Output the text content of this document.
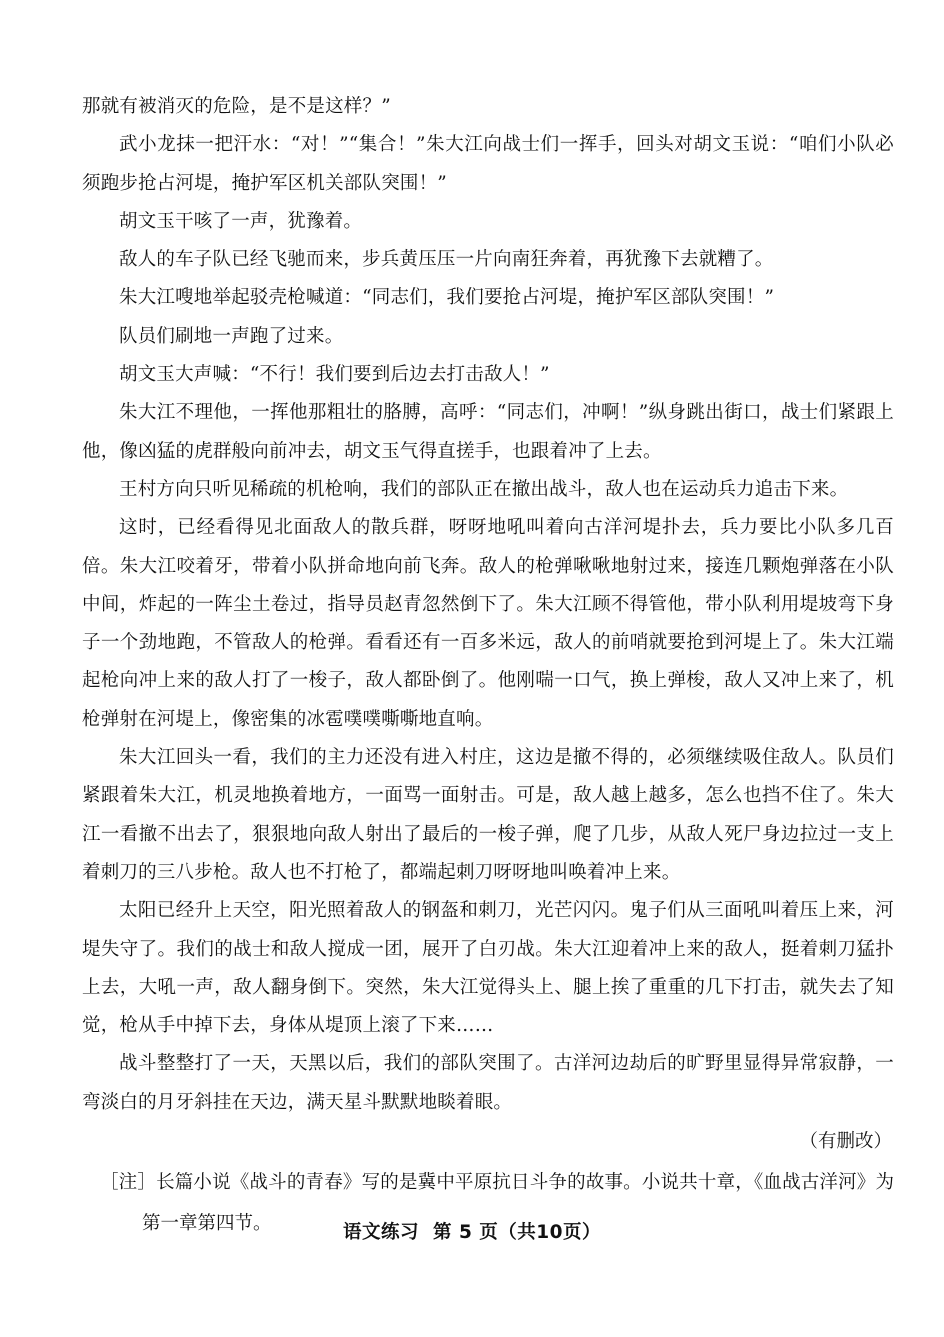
那就有被消灭的危险，是不是这样？”

武小龙抹一把汗水：“对！”“集合！”朱大江向战士们一挥手，回头对胡文玉说：“咱们小队必须跑步抢占河堤，掩护军区机关部队突围！”

胡文玉干咳了一声，犹豫着。

敌人的车子队已经飞驰而来，步兵黄压压一片向南狂奔着，再犹豫下去就糟了。

朱大江嗖地举起驳壳枪喊道：“同志们，我们要抢占河堤，掩护军区部队突围！”

队员们刷地一声跑了过来。

胡文玉大声喊：“不行！我们要到后边去打击敌人！”

朱大江不理他，一挥他那粗壮的胳膊，高呼：“同志们，冲啊！”纵身跳出街口，战士们紧跟上他，像凶猛的虎群般向前冲去，胡文玉气得直搓手，也跟着冲了上去。

王村方向只听见稀疏的机枪响，我们的部队正在撤出战斗，敌人也在运动兵力追击下来。

这时，已经看得见北面敌人的散兵群，呀呀地吼叫着向古洋河堤扑去，兵力要比小队多几百倍。朱大江咬着牙，带着小队拼命地向前飞奔。敌人的枪弹啾啾地射过来，接连几颗炮弹落在小队中间，炸起的一阵尘土卷过，指导员赵青忽然倒下了。朱大江顾不得管他，带小队利用堤坡弯下身子一个劲地跑，不管敌人的枪弹。看看还有一百多米远，敌人的前哨就要抢到河堤上了。朱大江端起枪向冲上来的敌人打了一梭子，敌人都卧倒了。他刚喘一口气，换上弹梭，敌人又冲上来了，机枪弹射在河堤上，像密集的冰雹噗噗嘶嘶地直响。

朱大江回头一看，我们的主力还没有进入村庄，这边是撤不得的，必须继续吸住敌人。队员们紧跟着朱大江，机灵地换着地方，一面骂一面射击。可是，敌人越上越多，怎么也挡不住了。朱大江一看撤不出去了，狠狠地向敌人射出了最后的一梭子弹，爬了几步，从敌人死尸身边拉过一支上着刺刀的三八步枪。敌人也不打枪了，都端起刺刀呀呀地叫唤着冲上来。

太阳已经升上天空，阳光照着敌人的钢盔和刺刀，光芒闪闪。鬼子们从三面吼叫着压上来，河堤失守了。我们的战士和敌人搅成一团，展开了白刃战。朱大江迎着冲上来的敌人，挺着刺刀猛扑上去，大吼一声，敌人翻身倒下。突然，朱大江觉得头上、腿上挨了重重的几下打击，就失去了知觉，枪从手中掉下去，身体从堤顶上滚了下来……

战斗整整打了一天，天黑以后，我们的部队突围了。古洋河边劫后的旷野里显得异常寂静，一弯淡白的月牙斜挂在天边，满天星斗默默地睒着眼。

（有删改）

［注］长篇小说《战斗的青春》写的是冀中平原抗日斗争的故事。小说共十章，《血战古洋河》为第一章第四节。	语文练习 第 5 页（共10页）
